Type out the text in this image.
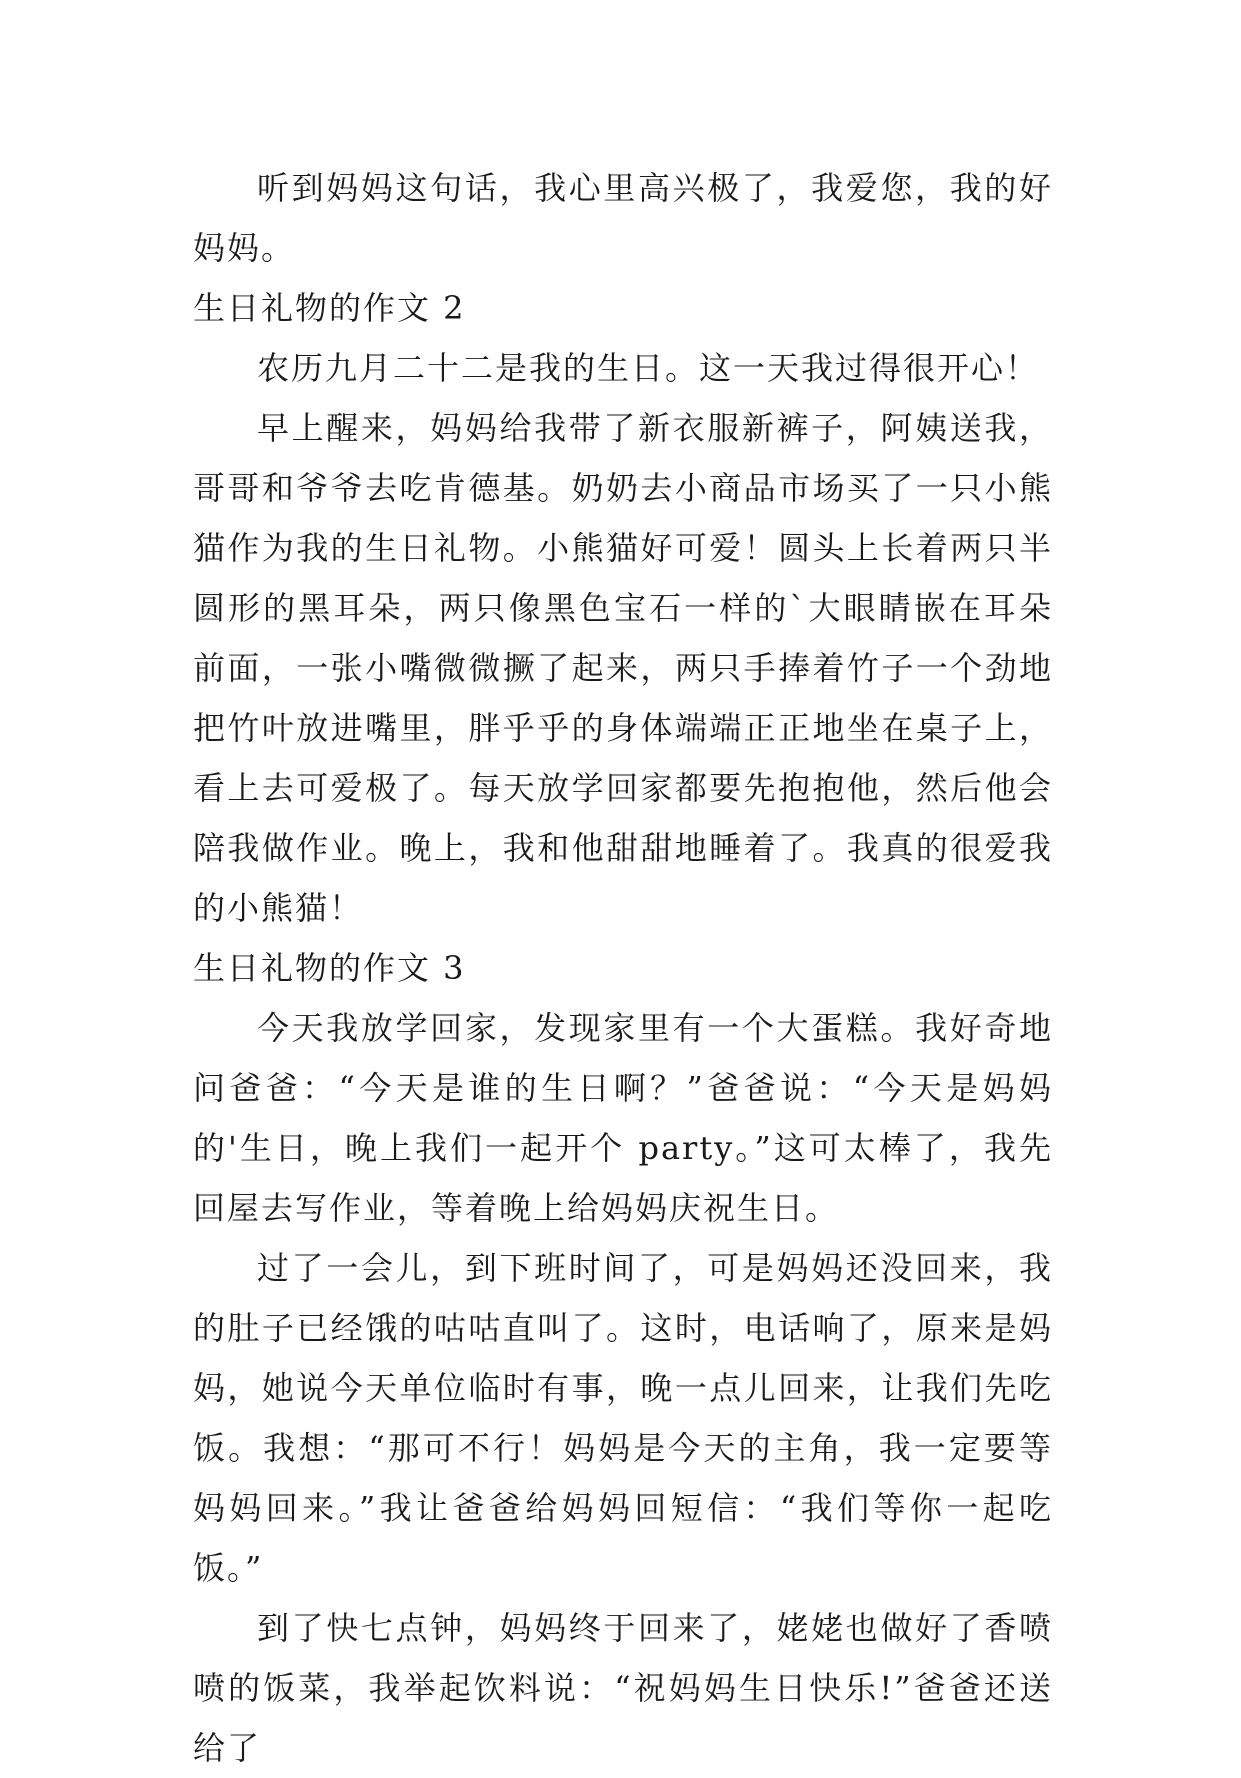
听到妈妈这句话，我心里高兴极了，我爱您，我的好妈妈。

生日礼物的作文 2

农历九月二十二是我的生日。这一天我过得很开心！

早上醒来，妈妈给我带了新衣服新裤子，阿姨送我，哥哥和爷爷去吃肯德基。奶奶去小商品市场买了一只小熊猫作为我的生日礼物。小熊猫好可爱！圆头上长着两只半圆形的黑耳朵，两只像黑色宝石一样的`大眼睛嵌在耳朵前面，一张小嘴微微撅了起来，两只手捧着竹子一个劲地把竹叶放进嘴里，胖乎乎的身体端端正正地坐在桌子上，看上去可爱极了。每天放学回家都要先抱抱他，然后他会陪我做作业。晚上，我和他甜甜地睡着了。我真的很爱我的小熊猫！

生日礼物的作文 3

今天我放学回家，发现家里有一个大蛋糕。我好奇地问爸爸：“今天是谁的生日啊？”爸爸说：“今天是妈妈的'生日，晚上我们一起开个 party。”这可太棒了，我先回屋去写作业，等着晚上给妈妈庆祝生日。

过了一会儿，到下班时间了，可是妈妈还没回来，我的肚子已经饿的咕咕直叫了。这时，电话响了，原来是妈妈，她说今天单位临时有事，晚一点儿回来，让我们先吃饭。我想：“那可不行！妈妈是今天的主角，我一定要等妈妈回来。”我让爸爸给妈妈回短信：“我们等你一起吃饭。”

到了快七点钟，妈妈终于回来了，姥姥也做好了香喷喷的饭菜，我举起饮料说：“祝妈妈生日快乐!”爸爸还送给了
